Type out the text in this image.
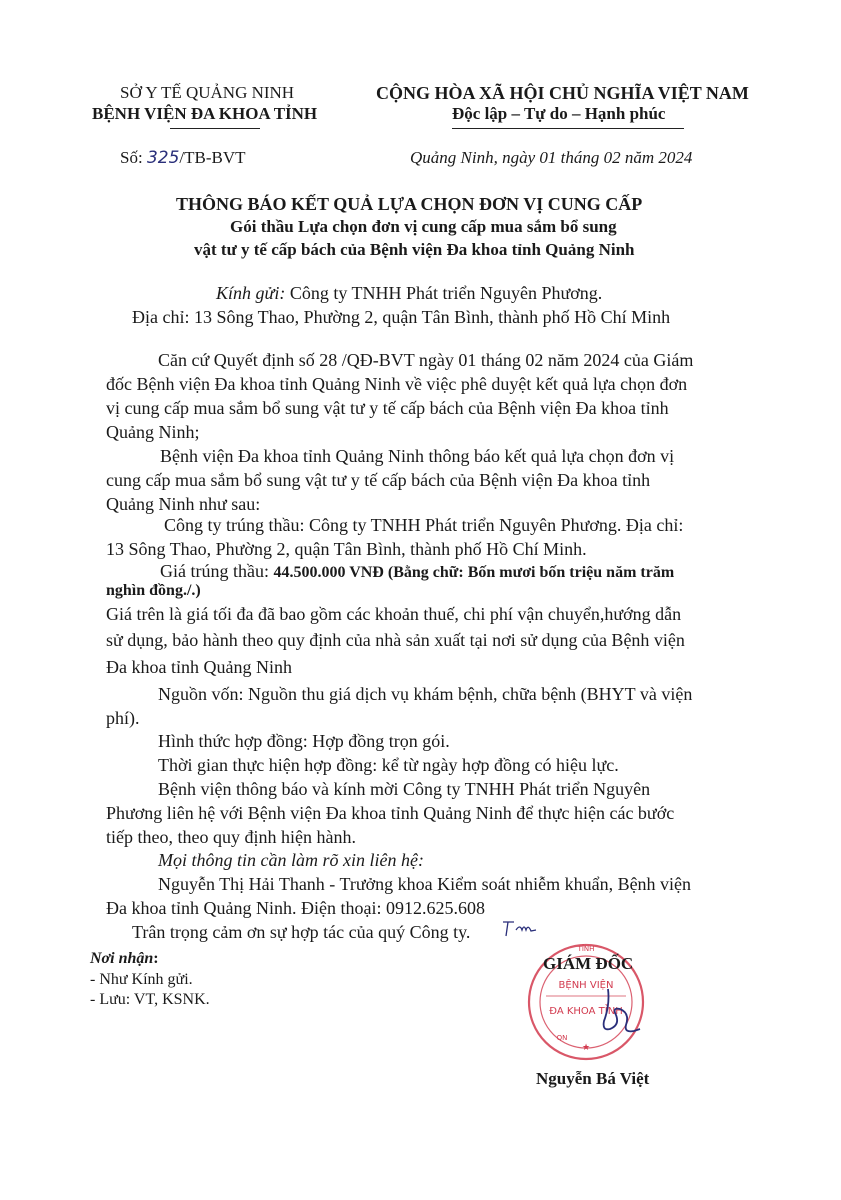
SỞ Y TẾ QUẢNG NINH
BỆNH VIỆN ĐA KHOA TỈNH
CỘNG HÒA XÃ HỘI CHỦ NGHĨA VIỆT NAM
Độc lập – Tự do – Hạnh phúc
Số: 325/TB-BVT	Quảng Ninh, ngày 01 tháng 02 năm 2024
THÔNG BÁO KẾT QUẢ LỰA CHỌN ĐƠN VỊ CUNG CẤP
Gói thầu Lựa chọn đơn vị cung cấp mua sắm bổ sung
vật tư y tế cấp bách của Bệnh viện Đa khoa tỉnh Quảng Ninh
Kính gửi: Công ty TNHH Phát triển Nguyên Phương.
Địa chỉ: 13 Sông Thao, Phường 2, quận Tân Bình, thành phố Hồ Chí Minh
Căn cứ Quyết định số 28 /QĐ-BVT ngày 01 tháng 02 năm 2024 của Giám
đốc Bệnh viện Đa khoa tỉnh Quảng Ninh về việc phê duyệt kết quả lựa chọn đơn
vị cung cấp mua sắm bổ sung vật tư y tế cấp bách của Bệnh viện Đa khoa tỉnh
Quảng Ninh;
Bệnh viện Đa khoa tỉnh Quảng Ninh thông báo kết quả lựa chọn đơn vị
cung cấp mua sắm bổ sung vật tư y tế cấp bách của Bệnh viện Đa khoa tỉnh
Quảng Ninh như sau:
Công ty trúng thầu: Công ty TNHH Phát triển Nguyên Phương. Địa chỉ:
13 Sông Thao, Phường 2, quận Tân Bình, thành phố Hồ Chí Minh.
Giá trúng thầu: 44.500.000 VNĐ (Bằng chữ: Bốn mươi bốn triệu năm trăm
nghìn đồng./.)
Giá trên là giá tối đa đã bao gồm các khoản thuế, chi phí vận chuyển,hướng dẫn
sử dụng, bảo hành theo quy định của nhà sản xuất tại nơi sử dụng của Bệnh viện
Đa khoa tỉnh Quảng Ninh
Nguồn vốn: Nguồn thu giá dịch vụ khám bệnh, chữa bệnh (BHYT và viện
phí).
Hình thức hợp đồng: Hợp đồng trọn gói.
Thời gian thực hiện hợp đồng: kể từ ngày hợp đồng có hiệu lực.
Bệnh viện thông báo và kính mời Công ty TNHH Phát triển Nguyên
Phương liên hệ với Bệnh viện Đa khoa tỉnh Quảng Ninh để thực hiện các bước
tiếp theo, theo quy định hiện hành.
Mọi thông tin cần làm rõ xin liên hệ:
Nguyễn Thị Hải Thanh - Trưởng khoa Kiểm soát nhiễm khuẩn, Bệnh viện
Đa khoa tỉnh Quảng Ninh. Điện thoại: 0912.625.608
Trân trọng cảm ơn sự hợp tác của quý Công ty.
Nơi nhận:
- Như Kính gửi.
- Lưu: VT, KSNK.
TỈNH
BỆNH VIỆN
ĐA KHOA TỈNH
QN
★
GIÁM ĐỐC
Nguyễn Bá Việt
